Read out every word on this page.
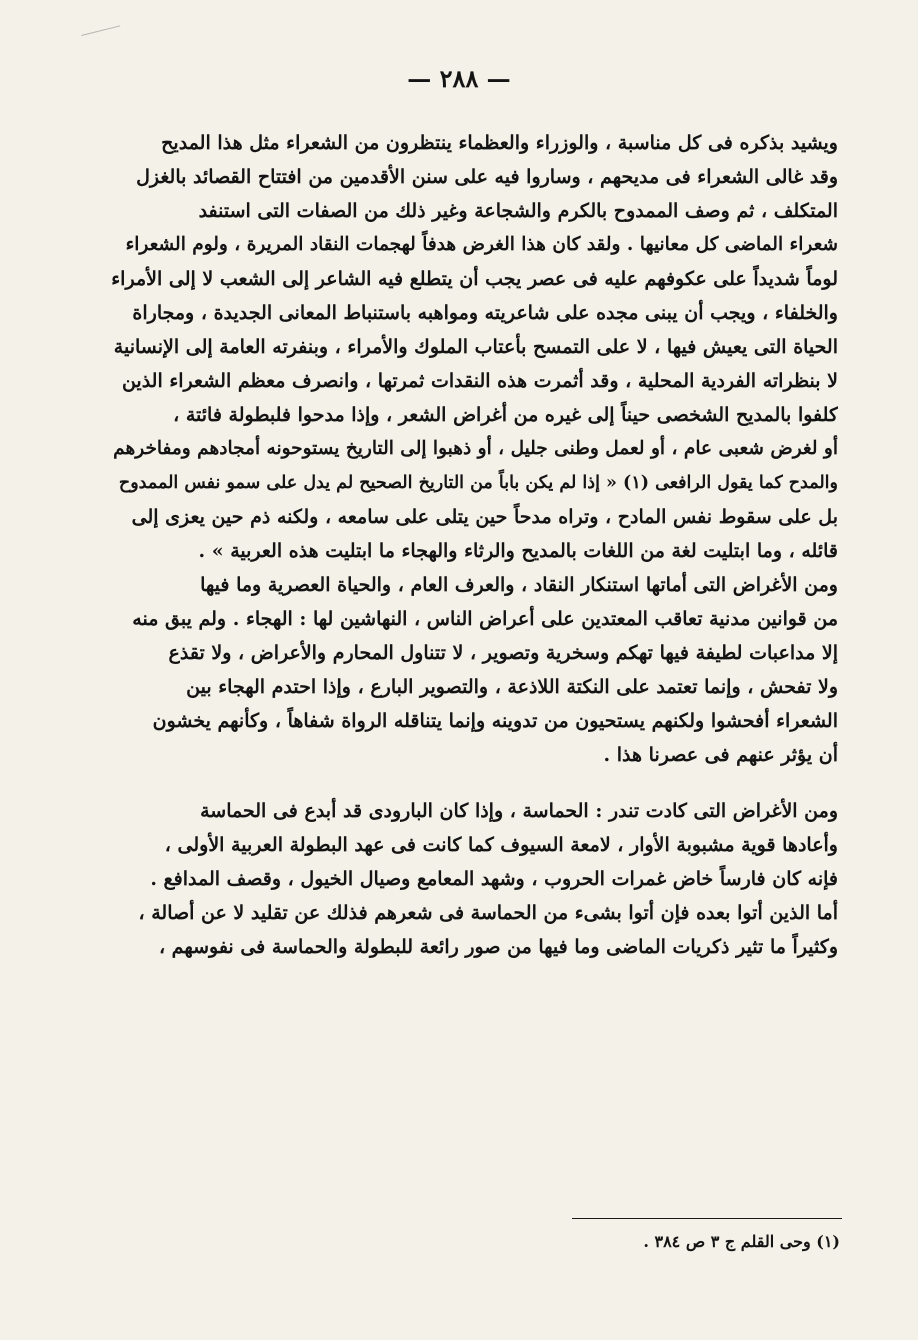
— ٢٨٨ —
ويشيد بذكره فى كل مناسبة ، والوزراء والعظماء ينتظرون من الشعراء مثل هذا المديح
وقد غالى الشعراء فى مديحهم ، وساروا فيه على سنن الأقدمين من افتتاح القصائد بالغزل
المتكلف ، ثم وصف الممدوح بالكرم والشجاعة وغير ذلك من الصفات التى استنفد
شعراء الماضى كل معانيها . ولقد كان هذا الغرض هدفاً لهجمات النقاد المريرة ، ولوم الشعراء
لوماً شديداً على عكوفهم عليه فى عصر يجب أن يتطلع فيه الشاعر إلى الشعب لا إلى الأمراء
والخلفاء ، ويجب أن يبنى مجده على شاعريته ومواهبه باستنباط المعانى الجديدة ، ومجاراة
الحياة التى يعيش فيها ، لا على التمسح بأعتاب الملوك والأمراء ، وبنفرته العامة إلى الإنسانية
لا بنظراته الفردية المحلية ، وقد أثمرت هذه النقدات ثمرتها ، وانصرف معظم الشعراء الذين
كلفوا بالمديح الشخصى حيناً إلى غيره من أغراض الشعر ، وإذا مدحوا فلبطولة فائتة ،
أو لغرض شعبى عام ، أو لعمل وطنى جليل ، أو ذهبوا إلى التاريخ يستوحونه أمجادهم ومفاخرهم
والمدح كما يقول الرافعى (١) « إذا لم يكن باباً من التاريخ الصحيح لم يدل على سمو نفس الممدوح
بل على سقوط نفس المادح ، وتراه مدحاً حين يتلى على سامعه ، ولكنه ذم حين يعزى إلى
قائله ، وما ابتليت لغة من اللغات بالمديح والرثاء والهجاء ما ابتليت هذه العربية » .
ومن الأغراض التى أماتها استنكار النقاد ، والعرف العام ، والحياة العصرية وما فيها
من قوانين مدنية تعاقب المعتدين على أعراض الناس ، النهاشين لها : الهجاء . ولم يبق منه
إلا مداعبات لطيفة فيها تهكم وسخرية وتصوير ، لا تتناول المحارم والأعراض ، ولا تقذع
ولا تفحش ، وإنما تعتمد على النكتة اللاذعة ، والتصوير البارع ، وإذا احتدم الهجاء بين
الشعراء أفحشوا ولكنهم يستحيون من تدوينه وإنما يتناقله الرواة شفاهاً ، وكأنهم يخشون
أن يؤثر عنهم فى عصرنا هذا .
ومن الأغراض التى كادت تندر : الحماسة ، وإذا كان البارودى قد أبدع فى الحماسة
وأعادها قوية مشبوبة الأوار ، لامعة السيوف كما كانت فى عهد البطولة العربية الأولى ،
فإنه كان فارساً خاض غمرات الحروب ، وشهد المعامع وصيال الخيول ، وقصف المدافع .
أما الذين أتوا بعده فإن أتوا بشىء من الحماسة فى شعرهم فذلك عن تقليد لا عن أصالة ،
وكثيراً ما تثير ذكريات الماضى وما فيها من صور رائعة للبطولة والحماسة فى نفوسهم ،
(١) وحى القلم ج ٣ ص ٣٨٤ .
